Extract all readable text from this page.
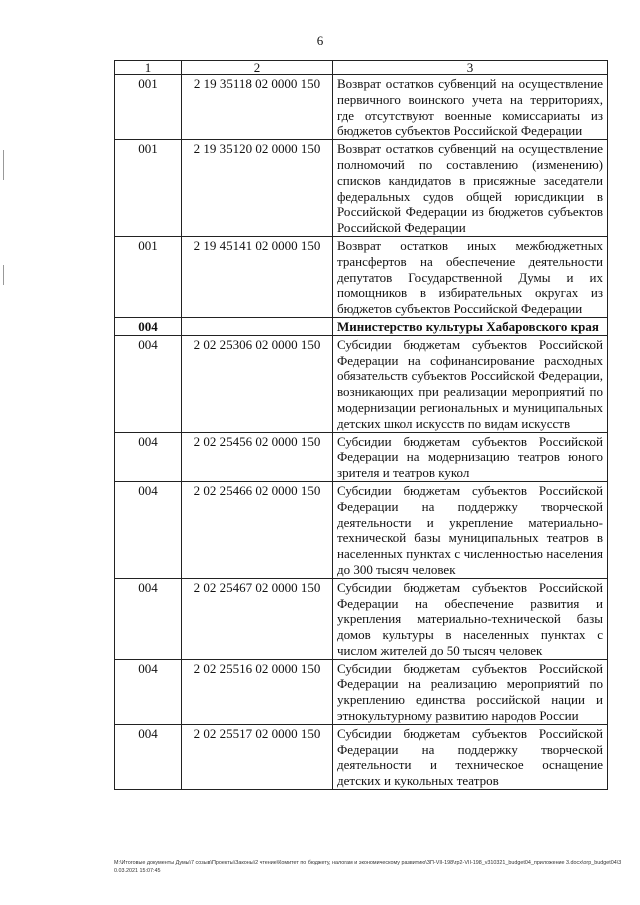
6
1	2	3
001	2 19 35118 02 0000 150	Возврат остатков субвенций на осуществление первичного воинского учета на территориях, где отсутствуют военные комиссариаты из бюджетов субъектов Российской Федерации
001	2 19 35120 02 0000 150	Возврат остатков субвенций на осуществление полномочий по составлению (изменению) списков кандидатов в присяжные заседатели федеральных судов общей юрисдикции в Российской Федерации из бюджетов субъектов Российской Федерации
001	2 19 45141 02 0000 150	Возврат остатков иных межбюджетных трансфертов на обеспечение деятельности депутатов Государственной Думы и их помощников в избирательных округах из бюджетов субъектов Российской Федерации
004		Министерство культуры Хабаровского края
004	2 02 25306 02 0000 150	Субсидии бюджетам субъектов Российской Федерации на софинансирование расходных обязательств субъектов Российской Федерации, возникающих при реализации мероприятий по модернизации региональных и муниципальных детских школ искусств по видам искусств
004	2 02 25456 02 0000 150	Субсидии бюджетам субъектов Российской Федерации на модернизацию театров юного зрителя и театров кукол
004	2 02 25466 02 0000 150	Субсидии бюджетам субъектов Российской Федерации на поддержку творческой деятельности и укрепление материально-технической базы муниципальных театров в населенных пунктах с численностью населения до 300 тысяч человек
004	2 02 25467 02 0000 150	Субсидии бюджетам субъектов Российской Федерации на обеспечение развития и укрепления материально-технической базы домов культуры в населенных пунктах с числом жителей до 50 тысяч человек
004	2 02 25516 02 0000 150	Субсидии бюджетам субъектов Российской Федерации на реализацию мероприятий по укреплению единства российской нации и этнокультурному развитию народов России
004	2 02 25517 02 0000 150	Субсидии бюджетам субъектов Российской Федерации на поддержку творческой деятельности и техническое оснащение детских и кукольных театров
M:\Итоговые документы Думы\7 созыв\Проекты\Законы\2 чтение\Комитет по бюджету, налогам и экономическому развитию\ЗП-VII-198\гр2-VII-198_v310321_budget04_приложение 3.docx\orp_budget04\30.03.2021 15:07:45
